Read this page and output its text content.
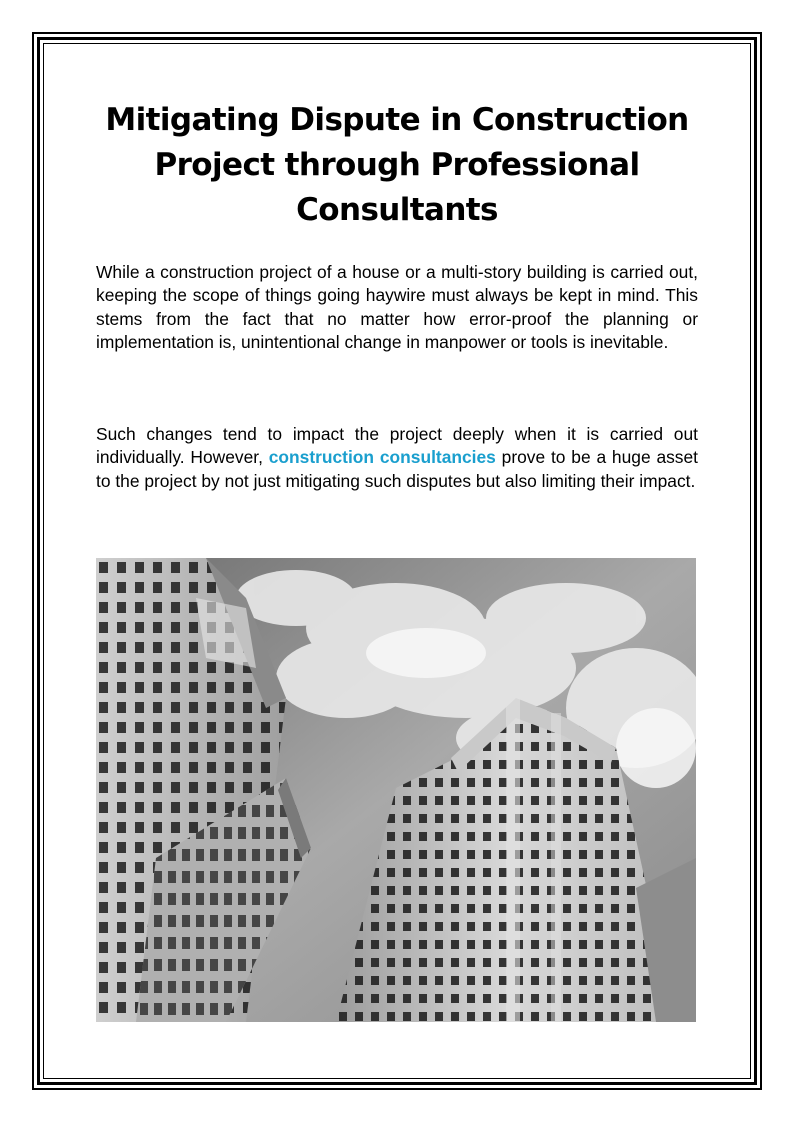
Mitigating Dispute in Construction Project through Professional Consultants

While a construction project of a house or a multi-story building is carried out, keeping the scope of things going haywire must always be kept in mind. This stems from the fact that no matter how error-proof the planning or implementation is, unintentional change in manpower or tools is inevitable.

Such changes tend to impact the project deeply when it is carried out individually. However, construction consultancies prove to be a huge asset to the project by not just mitigating such disputes but also limiting their impact.
